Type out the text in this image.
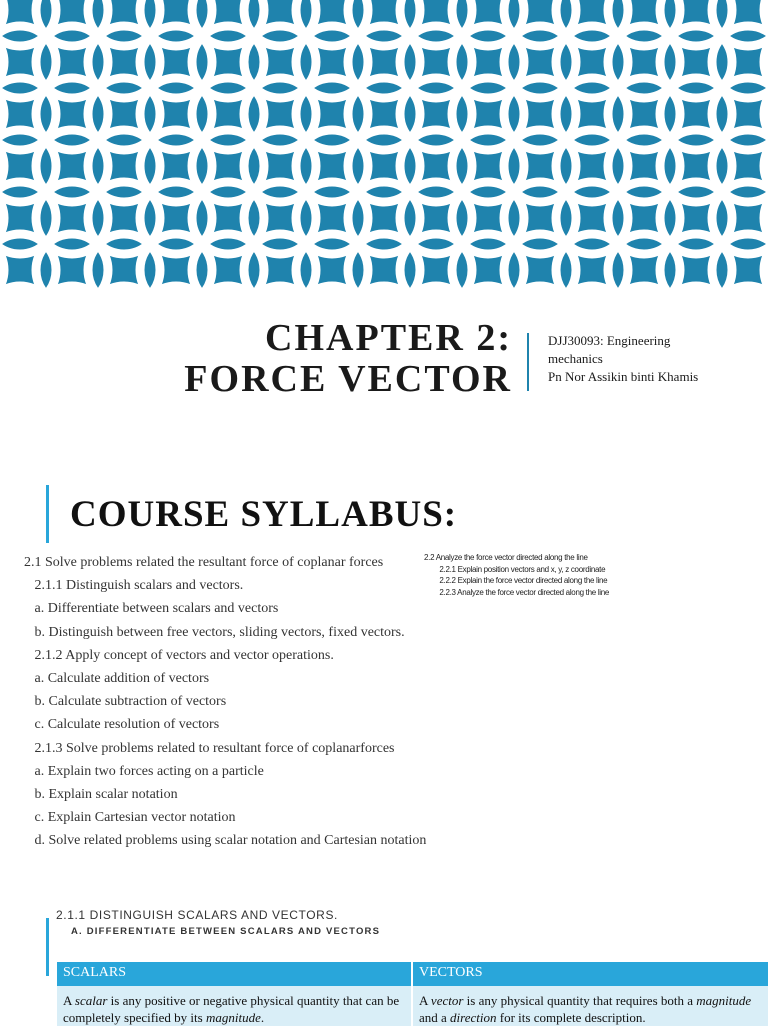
CHAPTER 2:
FORCE VECTOR
DJJ30093: Engineering
mechanics
Pn Nor Assikin binti Khamis
COURSE SYLLABUS:
2.1 Solve problems related the resultant force of coplanar forces
2.1.1 Distinguish scalars and vectors.
a. Differentiate between scalars and vectors
b. Distinguish between free vectors, sliding vectors, fixed vectors.
2.1.2 Apply concept of vectors and vector operations.
a. Calculate addition of vectors
b. Calculate subtraction of vectors
c. Calculate resolution of vectors
2.1.3 Solve problems related to resultant force of coplanarforces
a. Explain two forces acting on a particle
b. Explain scalar notation
c. Explain Cartesian vector notation
d. Solve related problems using scalar notation and Cartesian notation
2.2 Analyze the force vector directed along the line
2.2.1 Explain position vectors and x, y, z coordinate
2.2.2 Explain the force vector directed along the line
2.2.3 Analyze the force vector directed along the line
2.1.1 DISTINGUISH SCALARS AND VECTORS.
A. DIFFERENTIATE BETWEEN SCALARS AND VECTORS
SCALARS	VECTORS
A scalar is any positive or negative physical quantity that can be completely specified by its magnitude.
A vector is any physical quantity that requires both a magnitude and a direction for its complete description.
